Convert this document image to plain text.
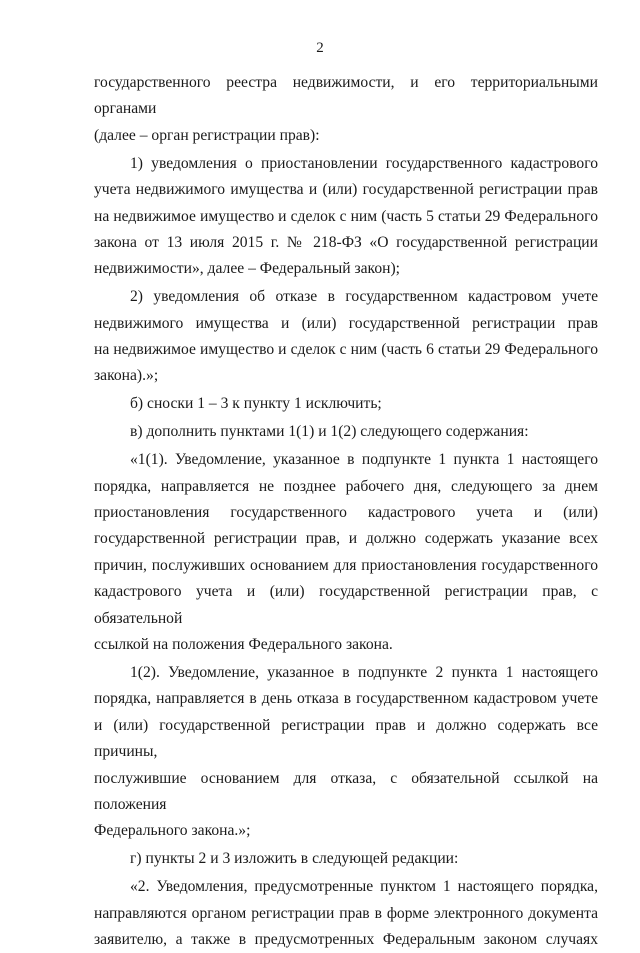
2
государственного реестра недвижимости, и его территориальными органами
(далее – орган регистрации прав):
1) уведомления о приостановлении государственного кадастрового
учета недвижимого имущества и (или) государственной регистрации прав
на недвижимое имущество и сделок с ним (часть 5 статьи 29 Федерального
закона от 13 июля 2015 г. № 218-ФЗ «О государственной регистрации
недвижимости», далее – Федеральный закон);
2) уведомления об отказе в государственном кадастровом учете
недвижимого имущества и (или) государственной регистрации прав
на недвижимое имущество и сделок с ним (часть 6 статьи 29 Федерального
закона).»;
б) сноски 1 – 3 к пункту 1 исключить;
в) дополнить пунктами 1(1) и 1(2) следующего содержания:
«1(1). Уведомление, указанное в подпункте 1 пункта 1 настоящего
порядка, направляется не позднее рабочего дня, следующего за днем
приостановления государственного кадастрового учета и (или)
государственной регистрации прав, и должно содержать указание всех
причин, послуживших основанием для приостановления государственного
кадастрового учета и (или) государственной регистрации прав, с обязательной
ссылкой на положения Федерального закона.
1(2). Уведомление, указанное в подпункте 2 пункта 1 настоящего
порядка, направляется в день отказа в государственном кадастровом учете
и (или) государственной регистрации прав и должно содержать все причины,
послужившие основанием для отказа, с обязательной ссылкой на положения
Федерального закона.»;
г) пункты 2 и 3 изложить в следующей редакции:
«2. Уведомления, предусмотренные пунктом 1 настоящего порядка,
направляются органом регистрации прав в форме электронного документа
заявителю, а также в предусмотренных Федеральным законом случаях
